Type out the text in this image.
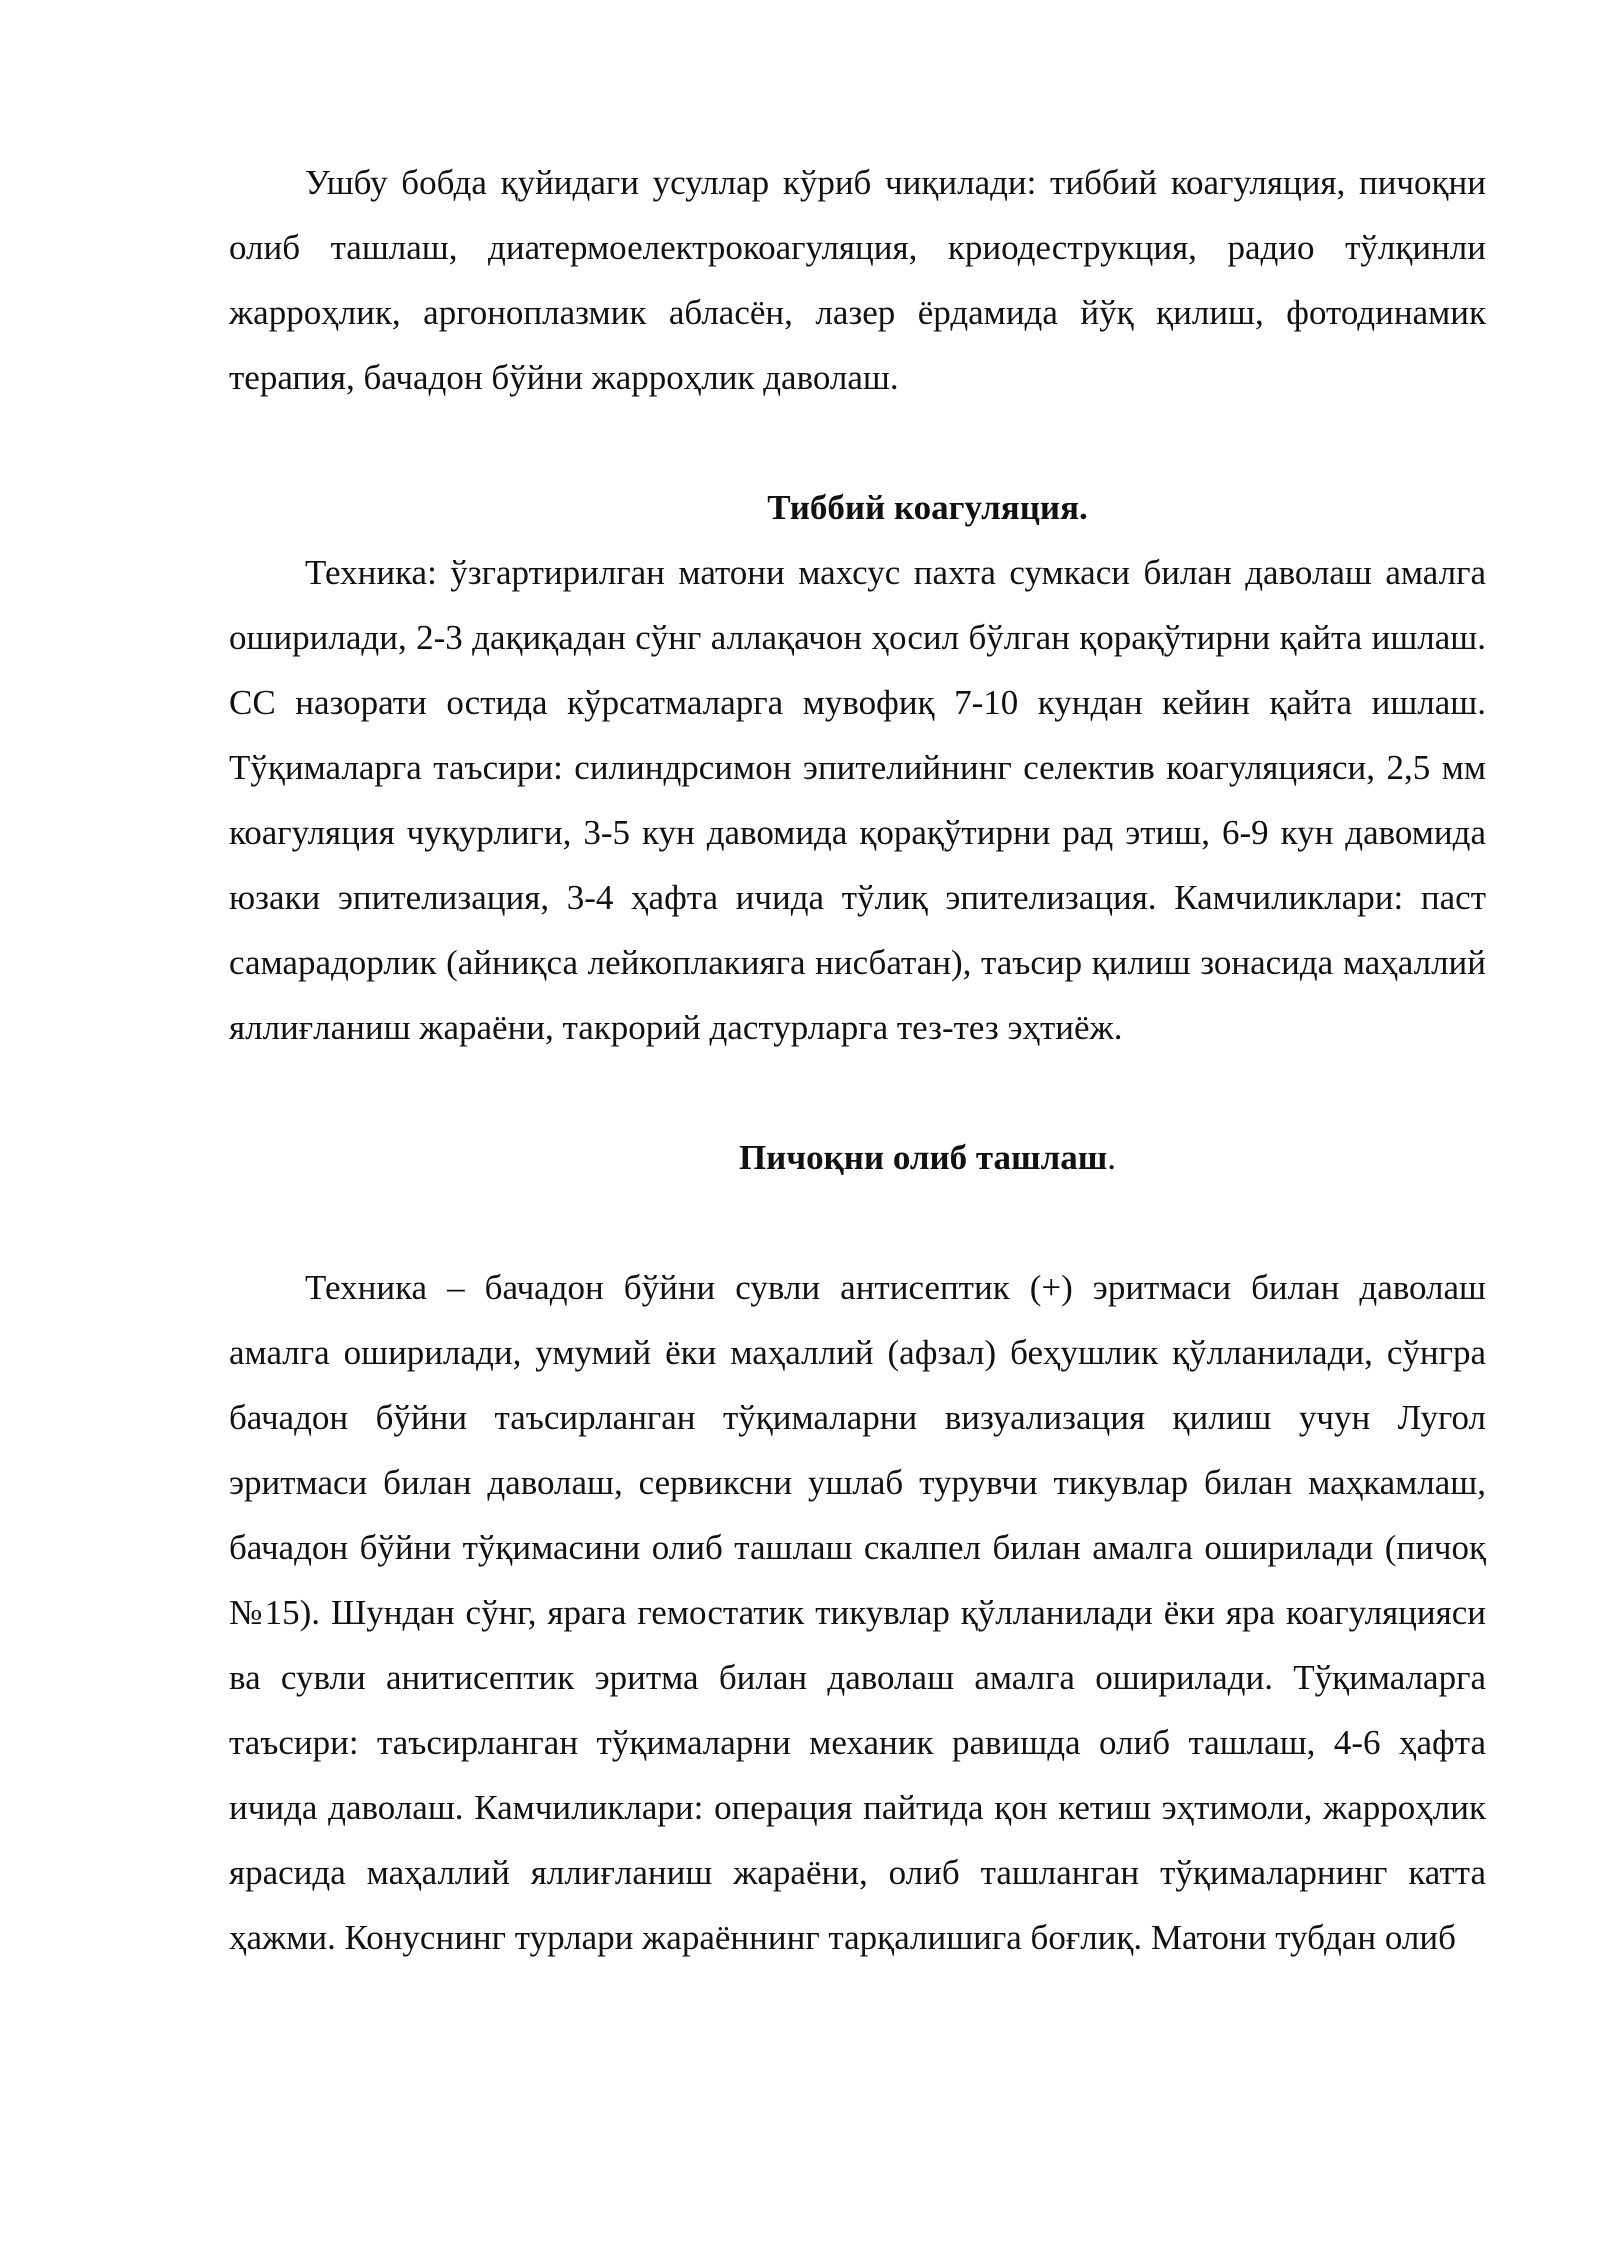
Ушбу бобда қуйидаги усуллар кўриб чиқилади: тиббий коагуляция, пичоқни олиб ташлаш, диатермоелектрокоагуляция, криодеструкция, радио тўлқинли жарроҳлик, аргоноплазмик абласён, лазер ёрдамида йўқ қилиш, фотодинамик терапия, бачадон бўйни жарроҳлик даволаш.

Тиббий коагуляция.

Техника: ўзгартирилган матони махсус пахта сумкаси билан даволаш амалга оширилади, 2-3 дақиқадан сўнг аллақачон ҳосил бўлган қорақўтирни қайта ишлаш. СС назорати остида кўрсатмаларга мувофиқ 7-10 кундан кейин қайта ишлаш. Тўқималарга таъсири: силиндрсимон эпителийнинг селектив коагуляцияси, 2,5 мм коагуляция чуқурлиги, 3-5 кун давомида қорақўтирни рад этиш, 6-9 кун давомида юзаки эпителизация, 3-4 ҳафта ичида тўлиқ эпителизация. Камчиликлари: паст самарадорлик (айниқса лейкоплакияга нисбатан), таъсир қилиш зонасида маҳаллий яллиғланиш жараёни, такрорий дастурларга тез-тез эҳтиёж.

Пичоқни олиб ташлаш.

Техника – бачадон бўйни сувли антисептик (+) эритмаси билан даволаш амалга оширилади, умумий ёки маҳаллий (афзал) беҳушлик қўлланилади, сўнгра бачадон бўйни таъсирланган тўқималарни визуализация қилиш учун Лугол эритмаси билан даволаш, сервиксни ушлаб турувчи тикувлар билан маҳкамлаш, бачадон бўйни тўқимасини олиб ташлаш скалпел билан амалга оширилади (пичоқ №15). Шундан сўнг, ярага гемостатик тикувлар қўлланилади ёки яра коагуляцияси ва сувли анитисептик эритма билан даволаш амалга оширилади. Тўқималарга таъсири: таъсирланган тўқималарни механик равишда олиб ташлаш, 4-6 ҳафта ичида даволаш. Камчиликлари: операция пайтида қон кетиш эҳтимоли, жарроҳлик ярасида маҳаллий яллиғланиш жараёни, олиб ташланган тўқималарнинг катта ҳажми. Конуснинг турлари жараённинг тарқалишига боғлиқ. Матони тубдан олиб
